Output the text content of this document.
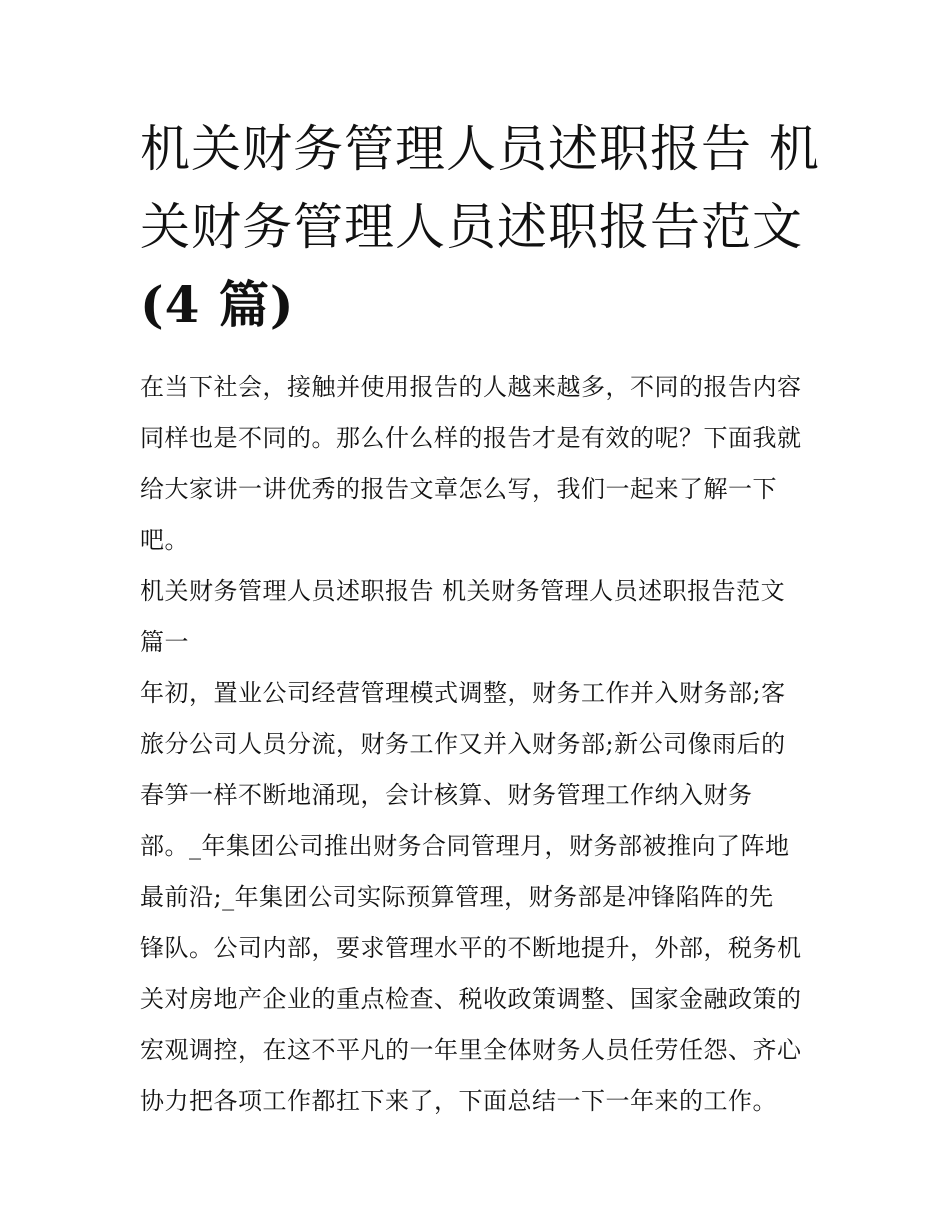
机关财务管理人员述职报告 机
关财务管理人员述职报告范文
(4 篇)
在当下社会，接触并使用报告的人越来越多，不同的报告内容
同样也是不同的。那么什么样的报告才是有效的呢？下面我就
给大家讲一讲优秀的报告文章怎么写，我们一起来了解一下
吧。
机关财务管理人员述职报告 机关财务管理人员述职报告范文
篇一
年初，置业公司经营管理模式调整，财务工作并入财务部;客
旅分公司人员分流，财务工作又并入财务部;新公司像雨后的
春笋一样不断地涌现，会计核算、财务管理工作纳入财务
部。_年集团公司推出财务合同管理月，财务部被推向了阵地
最前沿;_年集团公司实际预算管理，财务部是冲锋陷阵的先
锋队。公司内部，要求管理水平的不断地提升，外部，税务机
关对房地产企业的重点检查、税收政策调整、国家金融政策的
宏观调控，在这不平凡的一年里全体财务人员任劳任怨、齐心
协力把各项工作都扛下来了，下面总结一下一年来的工作。
